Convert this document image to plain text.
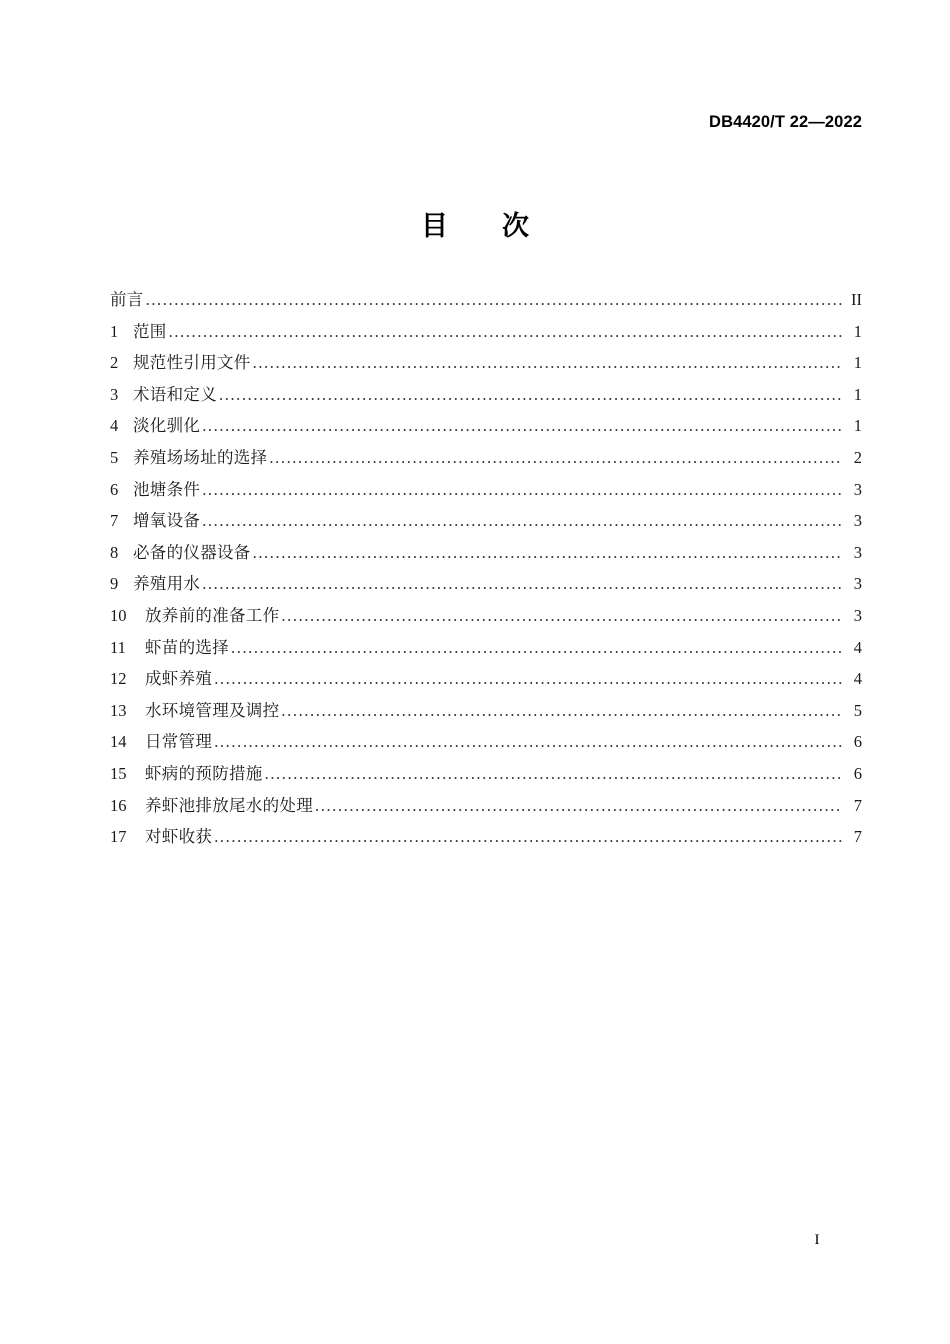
DB4420/T 22—2022
目　　次
前言 .....	II
1 范围 .....	1
2 规范性引用文件 .....	1
3 术语和定义 .....	1
4 淡化驯化 .....	1
5 养殖场场址的选择 .....	2
6 池塘条件 .....	3
7 增氧设备 .....	3
8 必备的仪器设备 .....	3
9 养殖用水 .....	3
10	放养前的准备工作 .....	3
11	虾苗的选择 .....	4
12	成虾养殖 .....	4
13	水环境管理及调控 .....	5
14	日常管理 .....	6
15	虾病的预防措施 .....	6
16	养虾池排放尾水的处理 .....	7
17	对虾收获 .....	7
I
